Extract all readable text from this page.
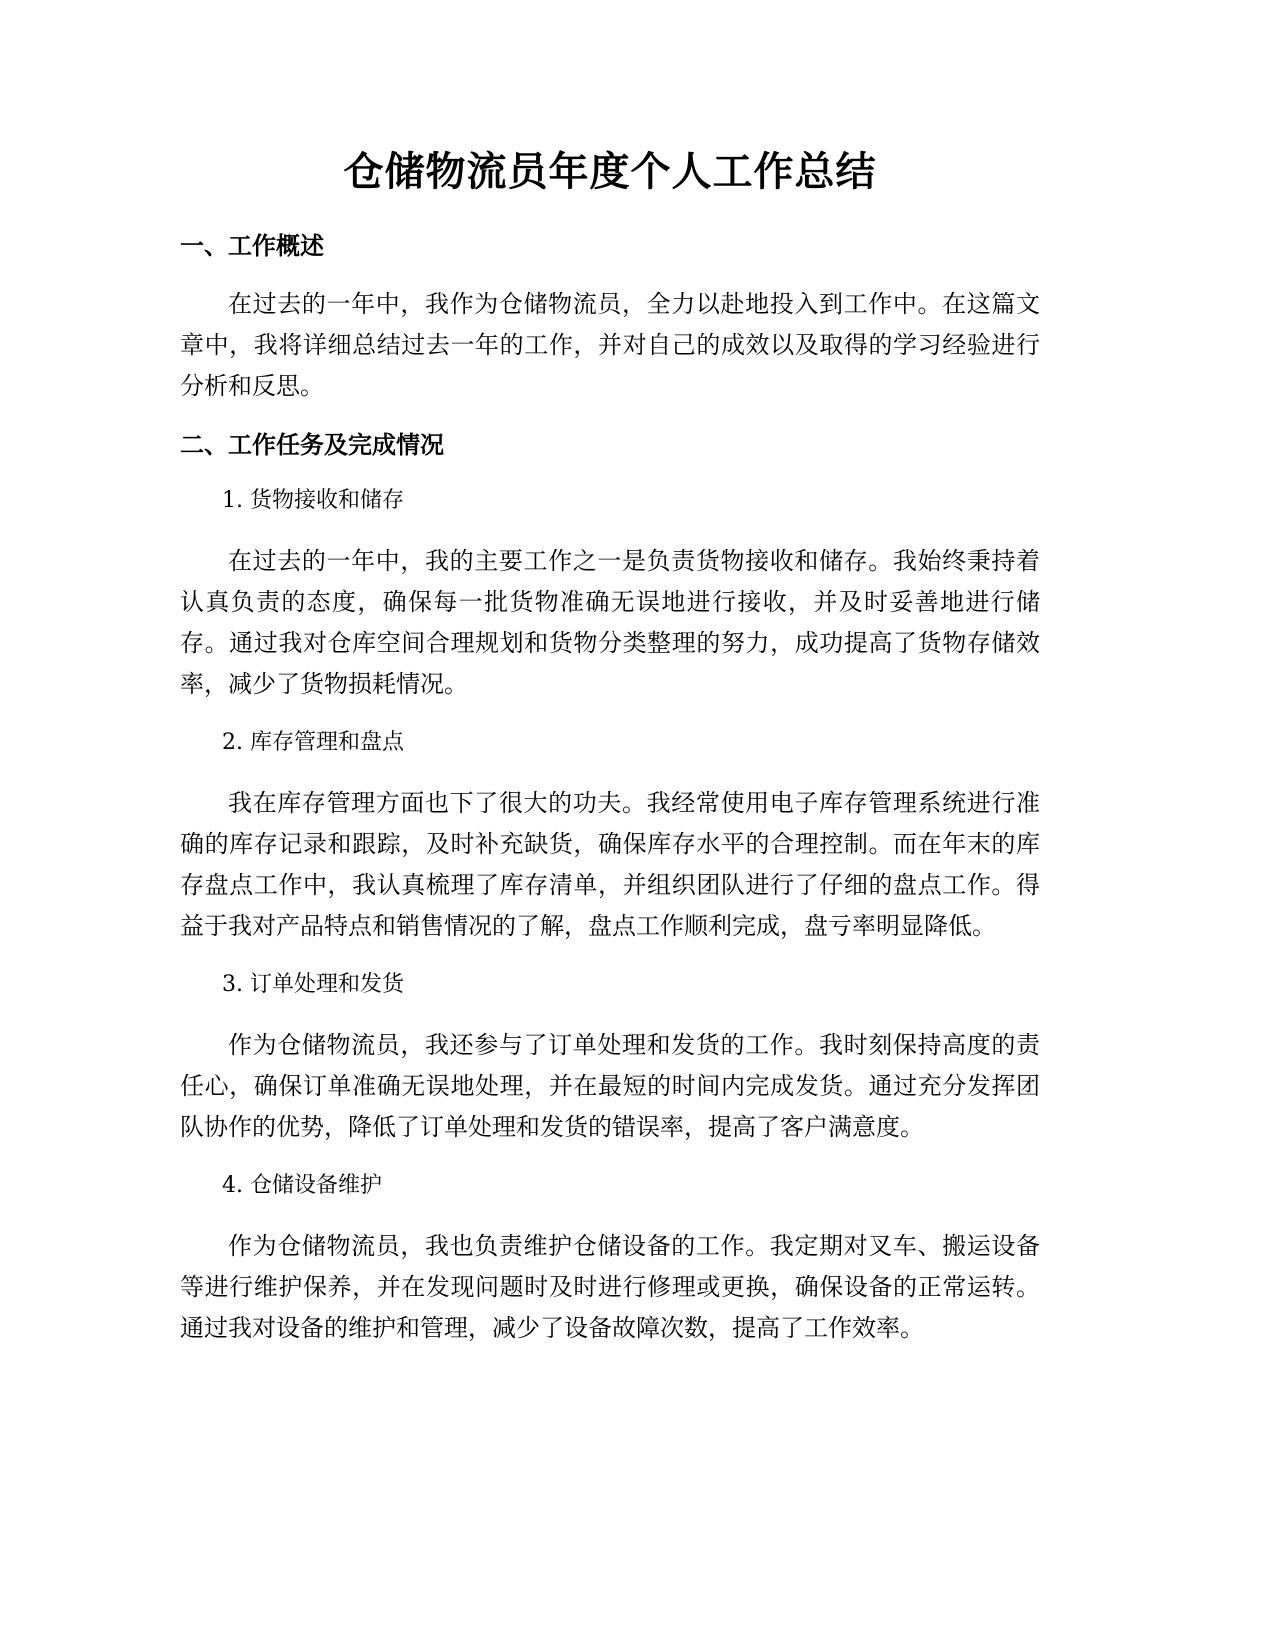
仓储物流员年度个人工作总结
一、工作概述

在过去的一年中，我作为仓储物流员，全力以赴地投入到工作中。在这篇文章中，我将详细总结过去一年的工作，并对自己的成效以及取得的学习经验进行分析和反思。

二、工作任务及完成情况
1. 货物接收和储存

在过去的一年中，我的主要工作之一是负责货物接收和储存。我始终秉持着认真负责的态度，确保每一批货物准确无误地进行接收，并及时妥善地进行储存。通过我对仓库空间合理规划和货物分类整理的努力，成功提高了货物存储效率，减少了货物损耗情况。

2. 库存管理和盘点

我在库存管理方面也下了很大的功夫。我经常使用电子库存管理系统进行准确的库存记录和跟踪，及时补充缺货，确保库存水平的合理控制。而在年末的库存盘点工作中，我认真梳理了库存清单，并组织团队进行了仔细的盘点工作。得益于我对产品特点和销售情况的了解，盘点工作顺利完成，盘亏率明显降低。

3. 订单处理和发货

作为仓储物流员，我还参与了订单处理和发货的工作。我时刻保持高度的责任心，确保订单准确无误地处理，并在最短的时间内完成发货。通过充分发挥团队协作的优势，降低了订单处理和发货的错误率，提高了客户满意度。

4. 仓储设备维护

作为仓储物流员，我也负责维护仓储设备的工作。我定期对叉车、搬运设备等进行维护保养，并在发现问题时及时进行修理或更换，确保设备的正常运转。通过我对设备的维护和管理，减少了设备故障次数，提高了工作效率。
